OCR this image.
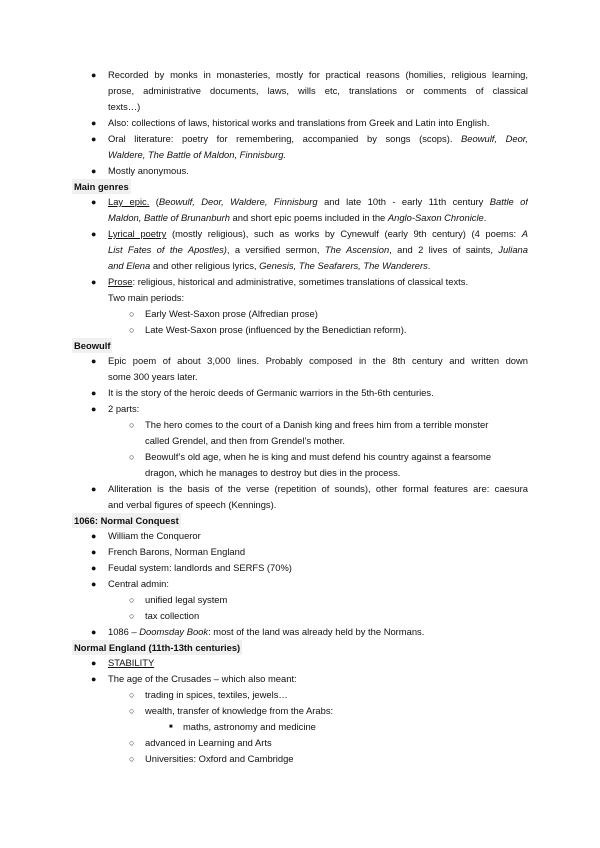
● Recorded by monks in monasteries, mostly for practical reasons (homilies, religious learning,
prose, administrative documents, laws, wills etc, translations or comments of classical
texts…)
● Also: collections of laws, historical works and translations from Greek and Latin into English.
● Oral literature: poetry for remembering, accompanied by songs (scops). Beowulf, Deor,
Waldere, The Battle of Maldon, Finnisburg.
● Mostly anonymous.
Main genres
● Lay epic. (Beowulf, Deor, Waldere, Finnisburg and late 10th - early 11th century Battle of
Maldon, Battle of Brunanburh and short epic poems included in the Anglo-Saxon Chronicle.
● Lyrical poetry (mostly religious), such as works by Cynewulf (early 9th century) (4 poems: A
List Fates of the Apostles), a versified sermon, The Ascension, and 2 lives of saints, Juliana
and Elena and other religious lyrics, Genesis, The Seafarers, The Wanderers.
● Prose: religious, historical and administrative, sometimes translations of classical texts.
Two main periods:
○ Early West-Saxon prose (Alfredian prose)
○ Late West-Saxon prose (influenced by the Benedictian reform).
Beowulf
● Epic poem of about 3,000 lines. Probably composed in the 8th century and written down
some 300 years later.
● It is the story of the heroic deeds of Germanic warriors in the 5th-6th centuries.
● 2 parts:
○ The hero comes to the court of a Danish king and frees him from a terrible monster
called Grendel, and then from Grendel’s mother.
○ Beowulf’s old age, when he is king and must defend his country against a fearsome
dragon, which he manages to destroy but dies in the process.
● Alliteration is the basis of the verse (repetition of sounds), other formal features are: caesura
and verbal figures of speech (Kennings).
1066: Normal Conquest
● William the Conqueror
● French Barons, Norman England
● Feudal system: landlords and SERFS (70%)
● Central admin:
○ unified legal system
○ tax collection
● 1086 – Doomsday Book: most of the land was already held by the Normans.
Normal England (11th-13th centuries)
● STABILITY
● The age of the Crusades – which also meant:
○ trading in spices, textiles, jewels…
○ wealth, transfer of knowledge from the Arabs:
■ maths, astronomy and medicine
○ advanced in Learning and Arts
○ Universities: Oxford and Cambridge
